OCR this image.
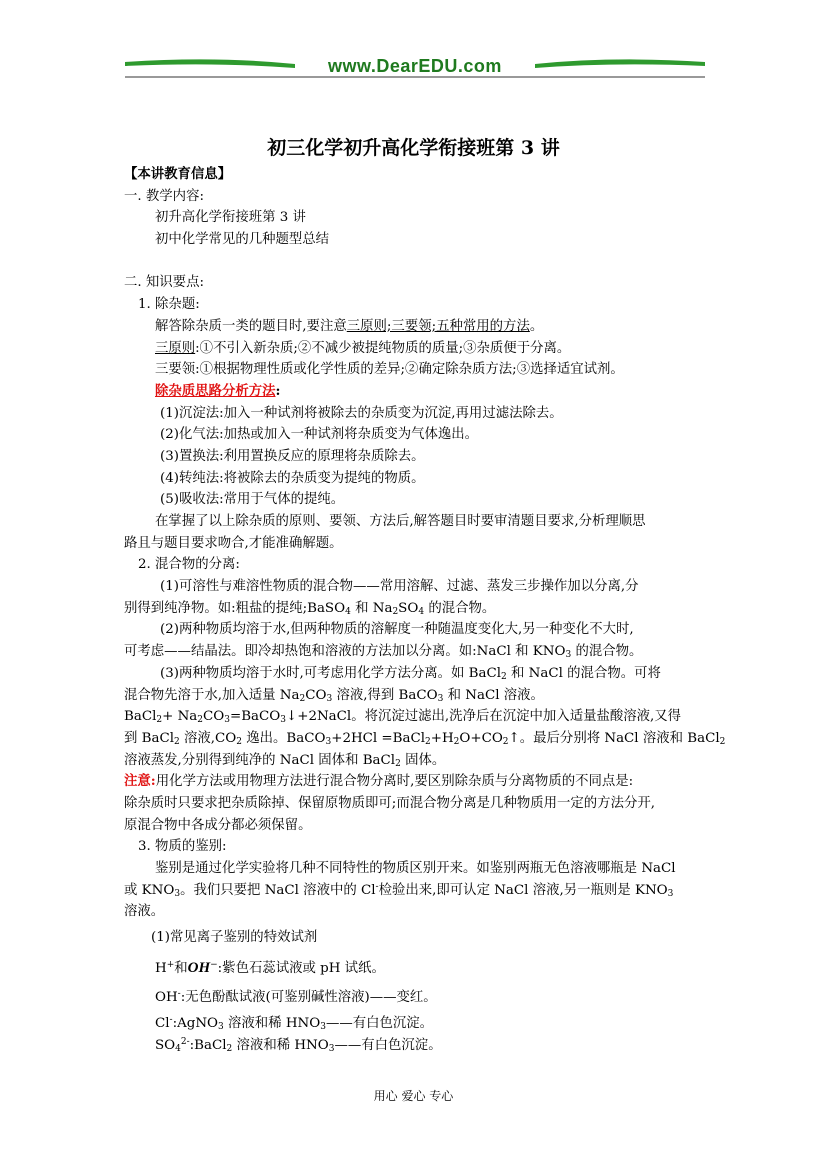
www.DearEDU.com
初三化学初升高化学衔接班第 3 讲
【本讲教育信息】
一. 教学内容:
初升高化学衔接班第 3 讲
初中化学常见的几种题型总结
二. 知识要点:
1. 除杂题:
解答除杂质一类的题目时,要注意三原则;三要领;五种常用的方法。
三原则:①不引入新杂质;②不减少被提纯物质的质量;③杂质便于分离。
三要领:①根据物理性质或化学性质的差异;②确定除杂质方法;③选择适宜试剂。
除杂质思路分析方法:
(1)沉淀法:加入一种试剂将被除去的杂质变为沉淀,再用过滤法除去。
(2)化气法:加热或加入一种试剂将杂质变为气体逸出。
(3)置换法:利用置换反应的原理将杂质除去。
(4)转纯法:将被除去的杂质变为提纯的物质。
(5)吸收法:常用于气体的提纯。
在掌握了以上除杂质的原则、要领、方法后,解答题目时要审清题目要求,分析理顺思
路且与题目要求吻合,才能准确解题。
2. 混合物的分离:
(1)可溶性与难溶性物质的混合物——常用溶解、过滤、蒸发三步操作加以分离,分
别得到纯净物。如:粗盐的提纯;BaSO$_4$ 和 $Na_2SO_4$ 的混合物。
(2)两种物质均溶于水,但两种物质的溶解度一种随温度变化大,另一种变化不大时,
可考虑——结晶法。即冷却热饱和溶液的方法加以分离。如:NaCl 和 $KNO_3$ 的混合物。
(3)两种物质均溶于水时,可考虑用化学方法分离。如 BaCl$_2$ 和 NaCl 的混合物。可将
混合物先溶于水,加入适量 $Na_2CO_3$ 溶液,得到 BaCO$_3$ 和 NaCl 溶液。
BaCl$_2$+ $Na_2CO_3=BaCO_3↓+2NaCl$。将沉淀过滤出,洗净后在沉淀中加入适量盐酸溶液,又得
到 BaCl$_2$ 溶液$,CO_2$ 逸出。BaCO$_3$+2HCl $=BaCl_2+H_2O+CO_2↑$。最后分别将 NaCl 溶液和 BaCl$_2$
溶液蒸发,分别得到纯净的 NaCl 固体和 BaCl$_2$ 固体。
注意:用化学方法或用物理方法进行混合物分离时,要区别除杂质与分离物质的不同点是:
除杂质时只要求把杂质除掉、保留原物质即可;而混合物分离是几种物质用一定的方法分开,
原混合物中各成分都必须保留。
3. 物质的鉴别:
鉴别是通过化学实验将几种不同特性的物质区别开来。如鉴别两瓶无色溶液哪瓶是 NaCl
或 $KNO_3$。我们只要把 NaCl 溶液中的 Cl-检验出来,即可认定 NaCl 溶液,另一瓶则是 $KNO_3$
溶液。
(1)常见离子鉴别的特效试剂
H+和OH−:紫色石蕊试液或 pH 试纸。
OH-:无色酚酞试液(可鉴别碱性溶液)——变红。
Cl-:AgNO$_3$ 溶液和稀 $HNO_3——$有白色沉淀。
$SO_4^{2-}:BaCl_2$ 溶液和稀 $HNO_3——$有白色沉淀。
用心 爱心 专心
